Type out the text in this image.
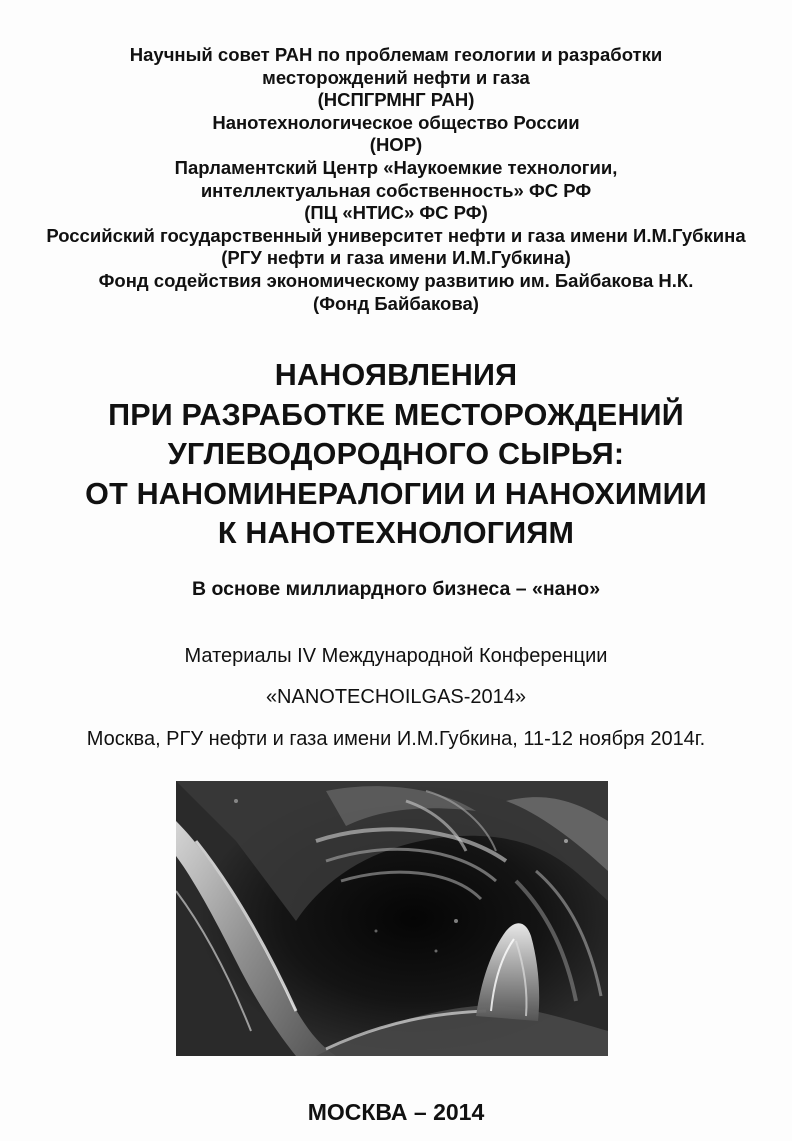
Научный совет РАН по проблемам геологии и разработки
месторождений нефти и газа
(НСПГРМНГ РАН)
Нанотехнологическое общество России
(НОР)
Парламентский Центр «Наукоемкие технологии,
интеллектуальная собственность» ФС РФ
(ПЦ «НТИС» ФС РФ)
Российский государственный университет нефти и газа имени И.М.Губкина
(РГУ нефти и газа имени И.М.Губкина)
Фонд содействия экономическому развитию им. Байбакова Н.К.
(Фонд Байбакова)
НАНОЯВЛЕНИЯ
ПРИ РАЗРАБОТКЕ МЕСТОРОЖДЕНИЙ
УГЛЕВОДОРОДНОГО СЫРЬЯ:
ОТ НАНОМИНЕРАЛОГИИ И НАНОХИМИИ
К НАНОТЕХНОЛОГИЯМ
В основе миллиардного бизнеса – «нано»
Материалы IV Международной Конференции
«NANOTECHOILGAS-2014»
Москва, РГУ нефти и газа имени И.М.Губкина, 11-12 ноября 2014г.
МОСКВА – 2014
